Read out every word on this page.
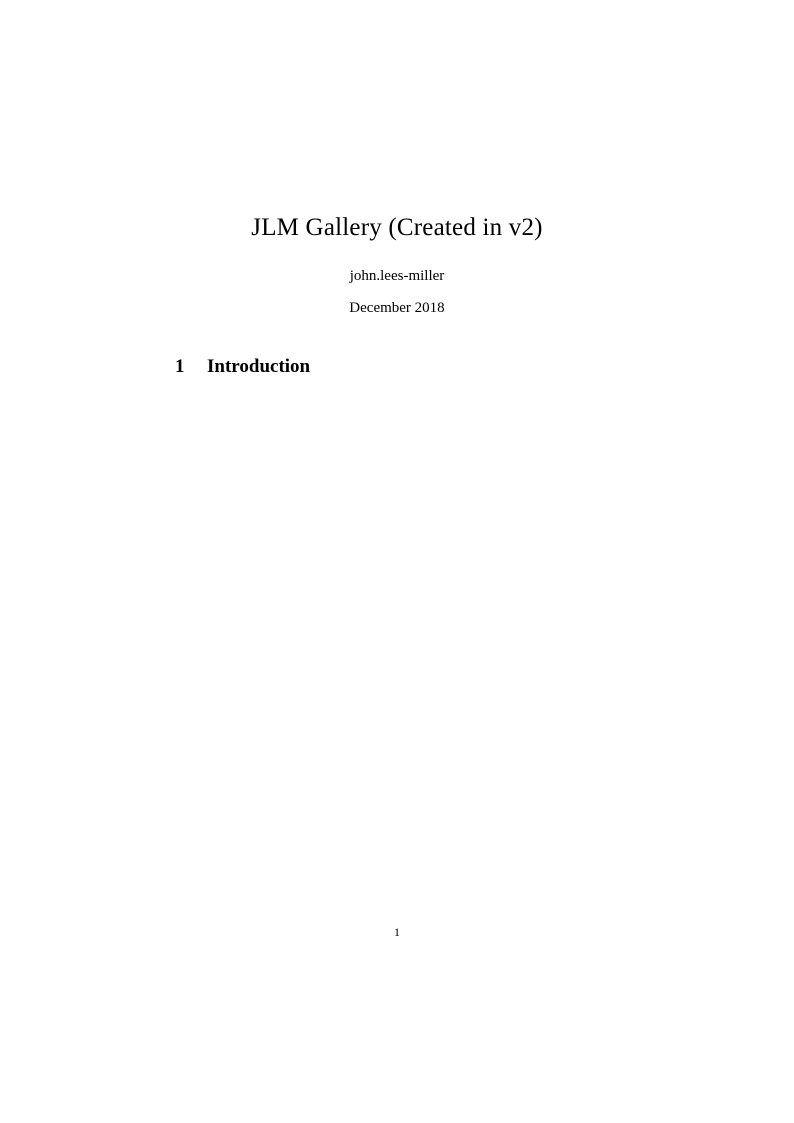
JLM Gallery (Created in v2)

john.lees-miller

December 2018

1	Introduction
1
